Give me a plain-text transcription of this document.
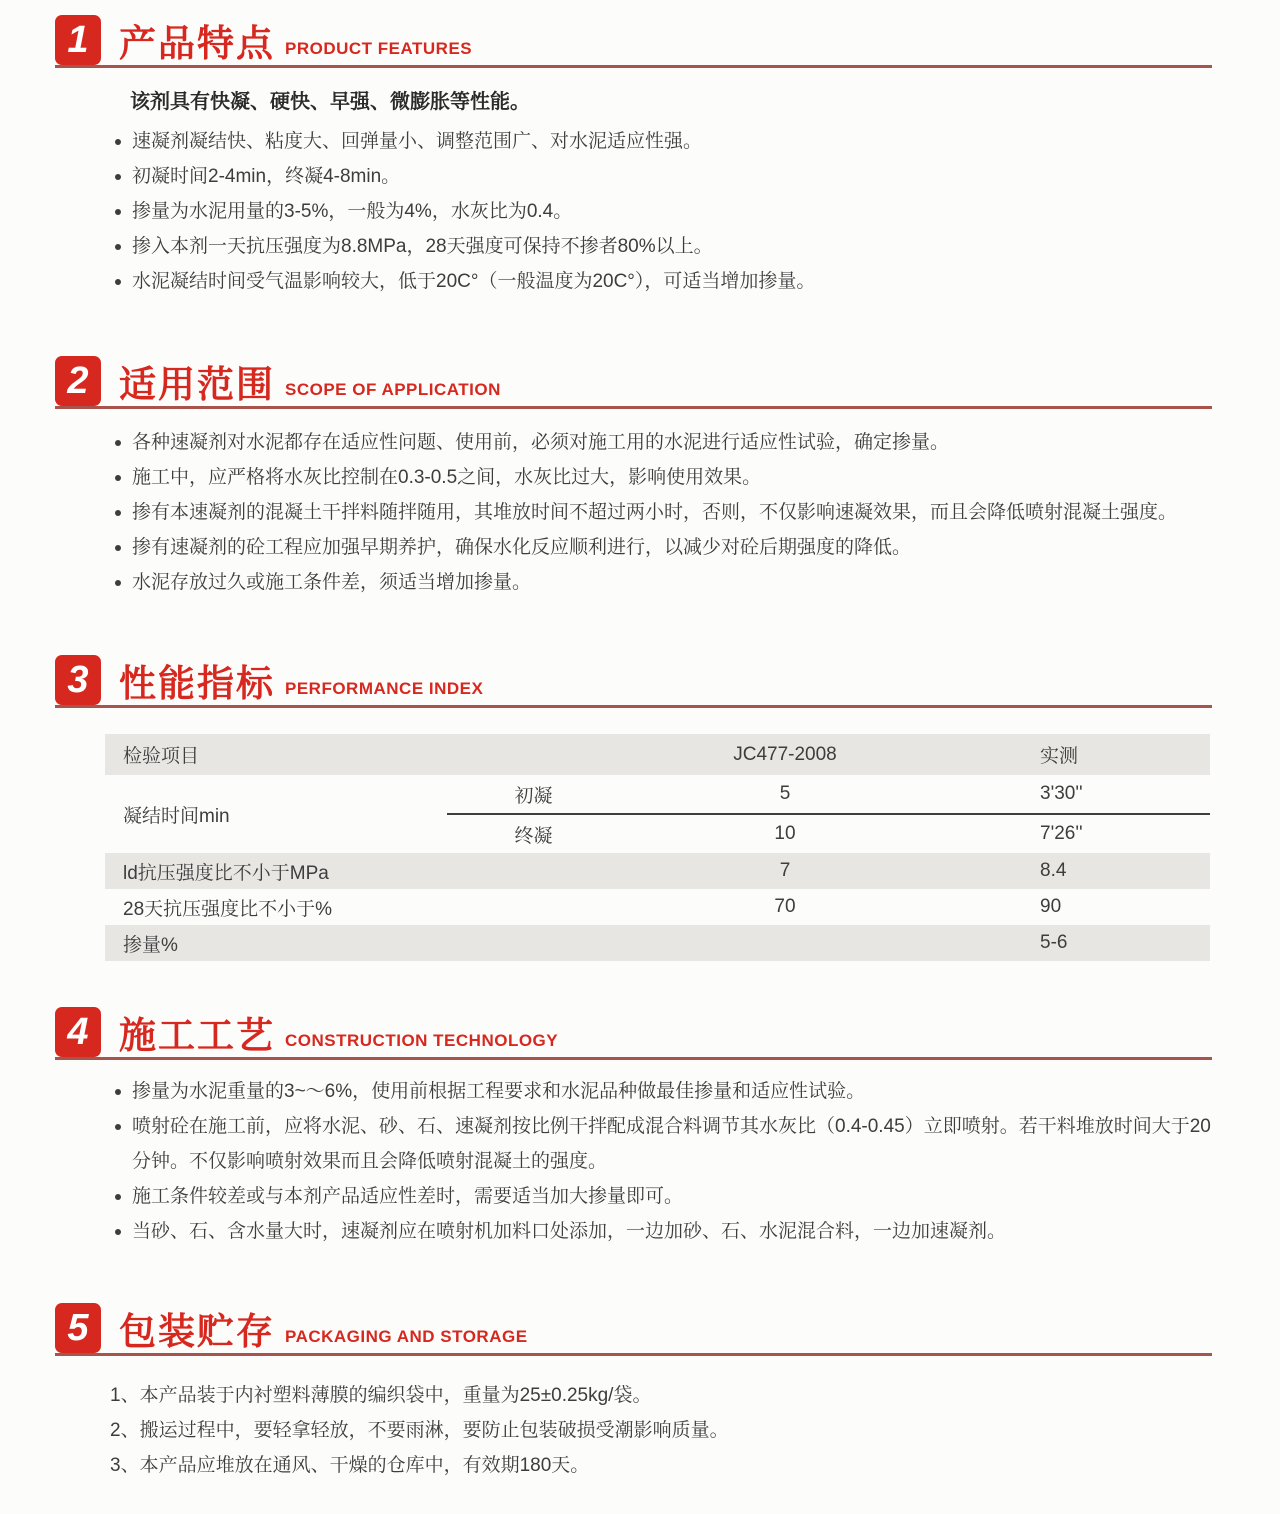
1 产品特点 PRODUCT FEATURES

该剂具有快凝、硬快、早强、微膨胀等性能。

速凝剂凝结快、粘度大、回弹量小、调整范围广、对水泥适应性强。
初凝时间2-4min，终凝4-8min。
掺量为水泥用量的3-5%，一般为4%，水灰比为0.4。
掺入本剂一天抗压强度为8.8MPa，28天强度可保持不掺者80%以上。
水泥凝结时间受气温影响较大，低于20C°（一般温度为20C°），可适当增加掺量。
2 适用范围 SCOPE OF APPLICATION
各种速凝剂对水泥都存在适应性问题、使用前，必须对施工用的水泥进行适应性试验，确定掺量。
施工中，应严格将水灰比控制在0.3-0.5之间，水灰比过大，影响使用效果。
掺有本速凝剂的混凝土干拌料随拌随用，其堆放时间不超过两小时，否则，不仅影响速凝效果，而且会降低喷射混凝土强度。
掺有速凝剂的砼工程应加强早期养护，确保水化反应顺利进行，以减少对砼后期强度的降低。
水泥存放过久或施工条件差，须适当增加掺量。
3 性能指标 PERFORMANCE INDEX
检验项目		JC477-2008	实测
凝结时间min	初凝	5	3'30''
	终凝	10	7'26''
ld抗压强度比不小于MPa		7	8.4
28天抗压强度比不小于%		70	90
掺量%			5-6
4 施工工艺 CONSTRUCTION TECHNOLOGY
掺量为水泥重量的3~～6%，使用前根据工程要求和水泥品种做最佳掺量和适应性试验。
喷射砼在施工前，应将水泥、砂、石、速凝剂按比例干拌配成混合料调节其水灰比（0.4-0.45）立即喷射。若干料堆放时间大于20分钟。不仅影响喷射效果而且会降低喷射混凝土的强度。
施工条件较差或与本剂产品适应性差时，需要适当加大掺量即可。
当砂、石、含水量大时，速凝剂应在喷射机加料口处添加，一边加砂、石、水泥混合料，一边加速凝剂。
5 包装贮存 PACKAGING AND STORAGE

1、本产品装于内衬塑料薄膜的编织袋中，重量为25±0.25kg/袋。

2、搬运过程中，要轻拿轻放，不要雨淋，要防止包装破损受潮影响质量。

3、本产品应堆放在通风、干燥的仓库中，有效期180天。
